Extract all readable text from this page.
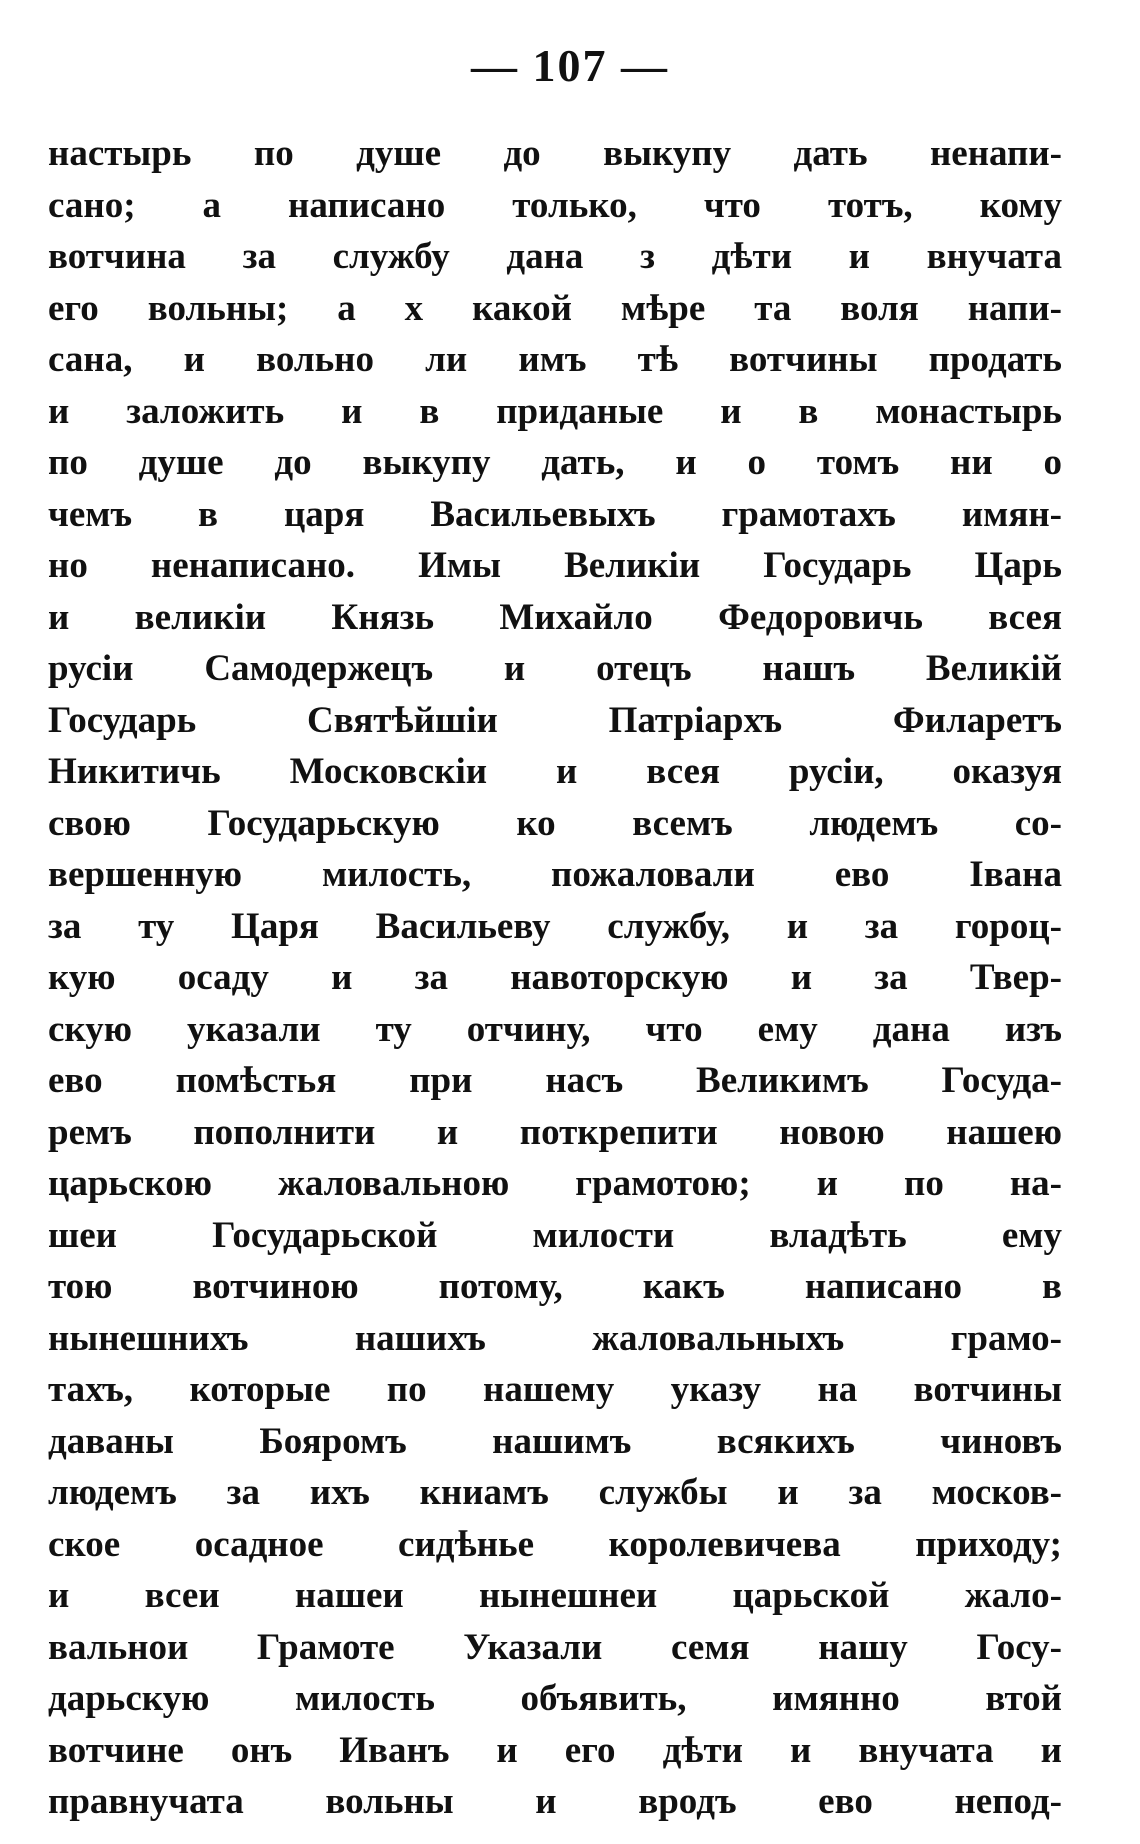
— 107 —
настырь по душе до выкупу дать ненапи-
сано; а написано только, что тотъ, кому
вотчина за службу дана з дѣти и внучата
его вольны; а х какой мѣре та воля напи-
сана, и вольно ли имъ тѣ вотчины продать
и заложить и в приданые и в монастырь
по душе до выкупу дать, и о томъ ни о
чемъ в царя Васильевыхъ грамотахъ имян-
но ненаписано. Имы Великіи Государь Царь
и великіи Князь Михайло Федоровичь всея
русіи Самодержецъ и отецъ нашъ Великій
Государь Святѣйшіи Патріархъ Филаретъ
Никитичь Московскіи и всея русіи, оказуя
свою Государьскую ко всемъ людемъ со-
вершенную милость, пожаловали ево Івана
за ту Царя Васильеву службу, и за гороц-
кую осаду и за навоторскую и за Твер-
скую указали ту отчину, что ему дана изъ
ево помѣстья при насъ Великимъ Госуда-
ремъ пополнити и поткрепити новою нашею
царьскою жаловальною грамотою; и по на-
шеи Государьской милости владѣть ему
тою вотчиною потому, какъ написано в
нынешнихъ нашихъ жаловальныхъ грамо-
тахъ, которые по нашему указу на вотчины
даваны Бояромъ нашимъ всякихъ чиновъ
людемъ за ихъ книамъ службы и за москов-
ское осадное сидѣнье королевичева приходу;
и всеи нашеи нынешнеи царьской жало-
вальнои Грамоте Указали семя нашу Госу-
дарьскую милость объявить, имянно втой
вотчине онъ Иванъ и его дѣти и внучата и
правнучата вольны и вродъ ево непод-
